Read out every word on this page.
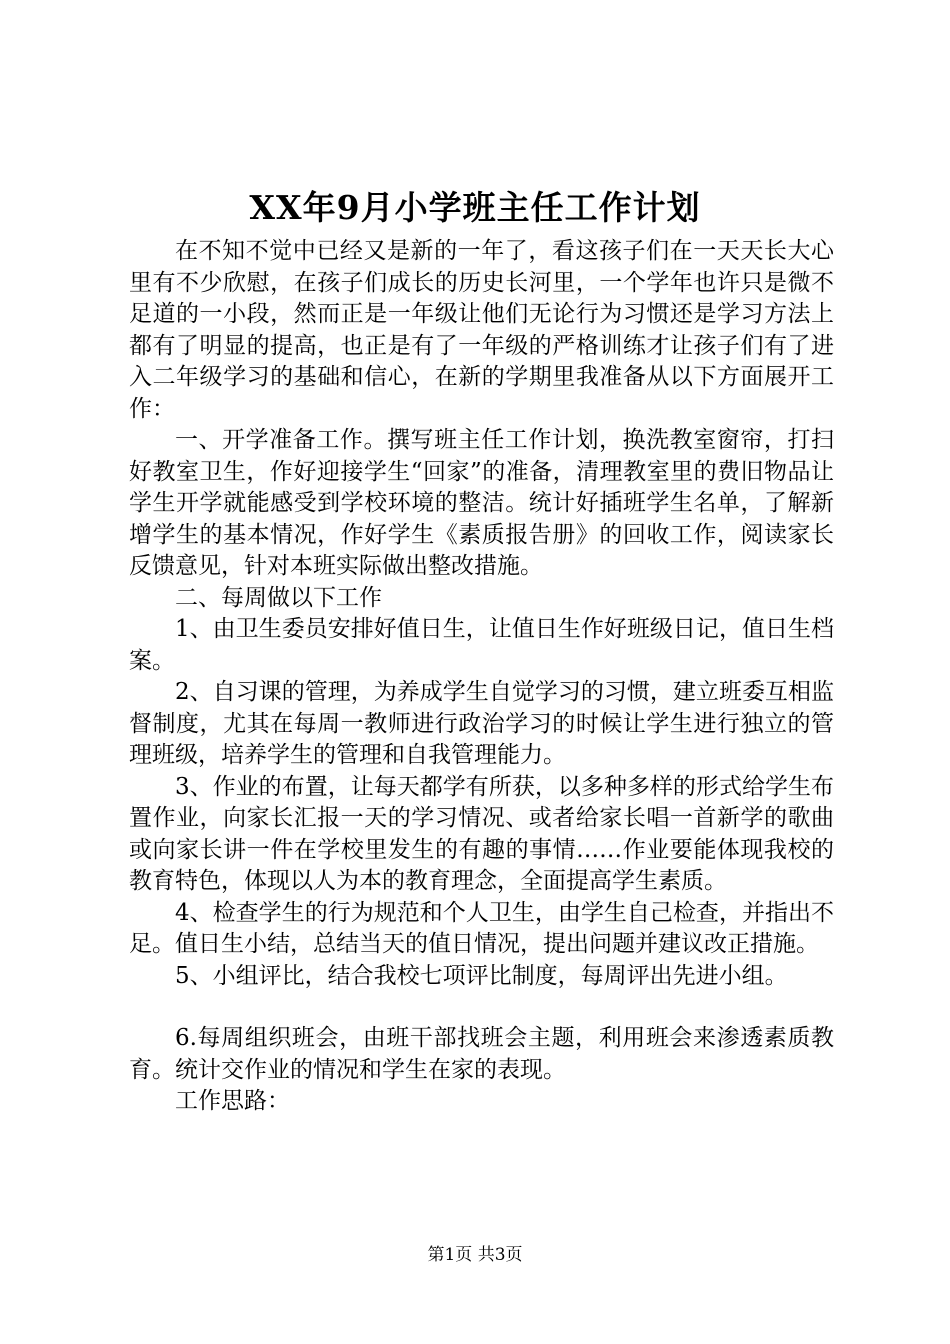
XX年9月小学班主任工作计划

在不知不觉中已经又是新的一年了，看这孩子们在一天天长大心里有不少欣慰，在孩子们成长的历史长河里，一个学年也许只是微不足道的一小段，然而正是一年级让他们无论行为习惯还是学习方法上都有了明显的提高，也正是有了一年级的严格训练才让孩子们有了进入二年级学习的基础和信心，在新的学期里我准备从以下方面展开工作：

一、开学准备工作。撰写班主任工作计划，换洗教室窗帘，打扫好教室卫生，作好迎接学生“回家”的准备，清理教室里的费旧物品让学生开学就能感受到学校环境的整洁。统计好插班学生名单，了解新增学生的基本情况，作好学生《素质报告册》的回收工作，阅读家长反馈意见，针对本班实际做出整改措施。

二、每周做以下工作

1、由卫生委员安排好值日生，让值日生作好班级日记，值日生档案。

2、自习课的管理，为养成学生自觉学习的习惯，建立班委互相监督制度，尤其在每周一教师进行政治学习的时候让学生进行独立的管理班级，培养学生的管理和自我管理能力。

3、作业的布置，让每天都学有所获，以多种多样的形式给学生布置作业，向家长汇报一天的学习情况、或者给家长唱一首新学的歌曲或向家长讲一件在学校里发生的有趣的事情……作业要能体现我校的教育特色，体现以人为本的教育理念，全面提高学生素质。

4、检查学生的行为规范和个人卫生，由学生自己检查，并指出不足。值日生小结，总结当天的值日情况，提出问题并建议改正措施。

5、小组评比，结合我校七项评比制度，每周评出先进小组。

6.每周组织班会，由班干部找班会主题，利用班会来渗透素质教育。统计交作业的情况和学生在家的表现。

工作思路：

第1页 共3页
